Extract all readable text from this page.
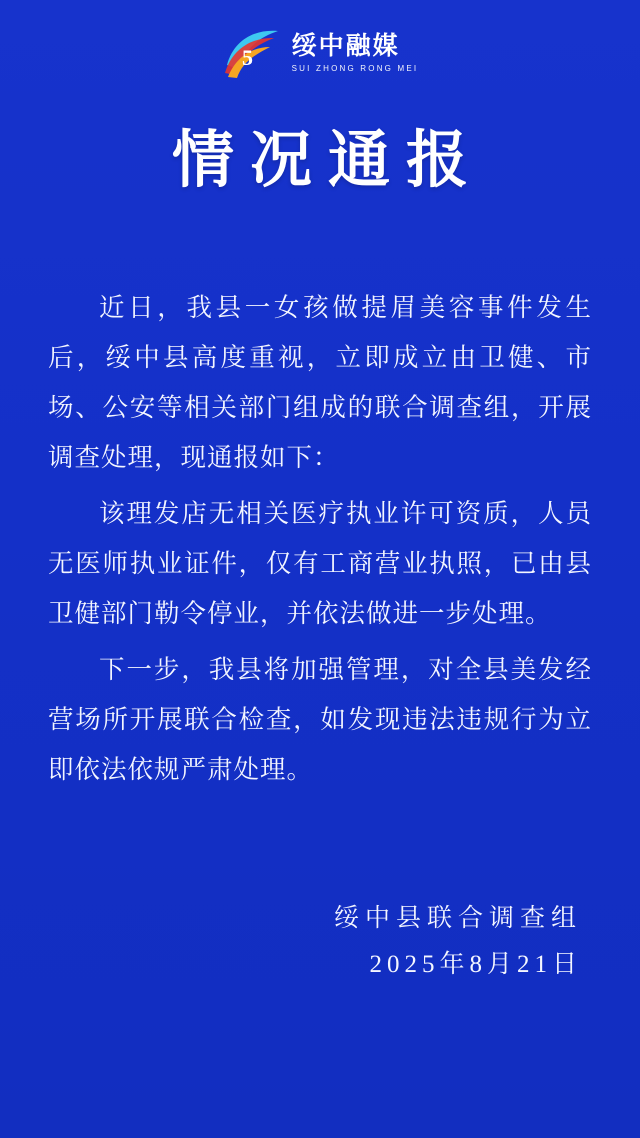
5 绥中融媒
SUI ZHONG RONG MEI
情况通报

近日，我县一女孩做提眉美容事件发生后，绥中县高度重视，立即成立由卫健、市场、公安等相关部门组成的联合调查组，开展调查处理，现通报如下：

该理发店无相关医疗执业许可资质，人员无医师执业证件，仅有工商营业执照，已由县卫健部门勒令停业，并依法做进一步处理。

下一步，我县将加强管理，对全县美发经营场所开展联合检查，如发现违法违规行为立即依法依规严肃处理。

绥中县联合调查组
2025年8月21日
